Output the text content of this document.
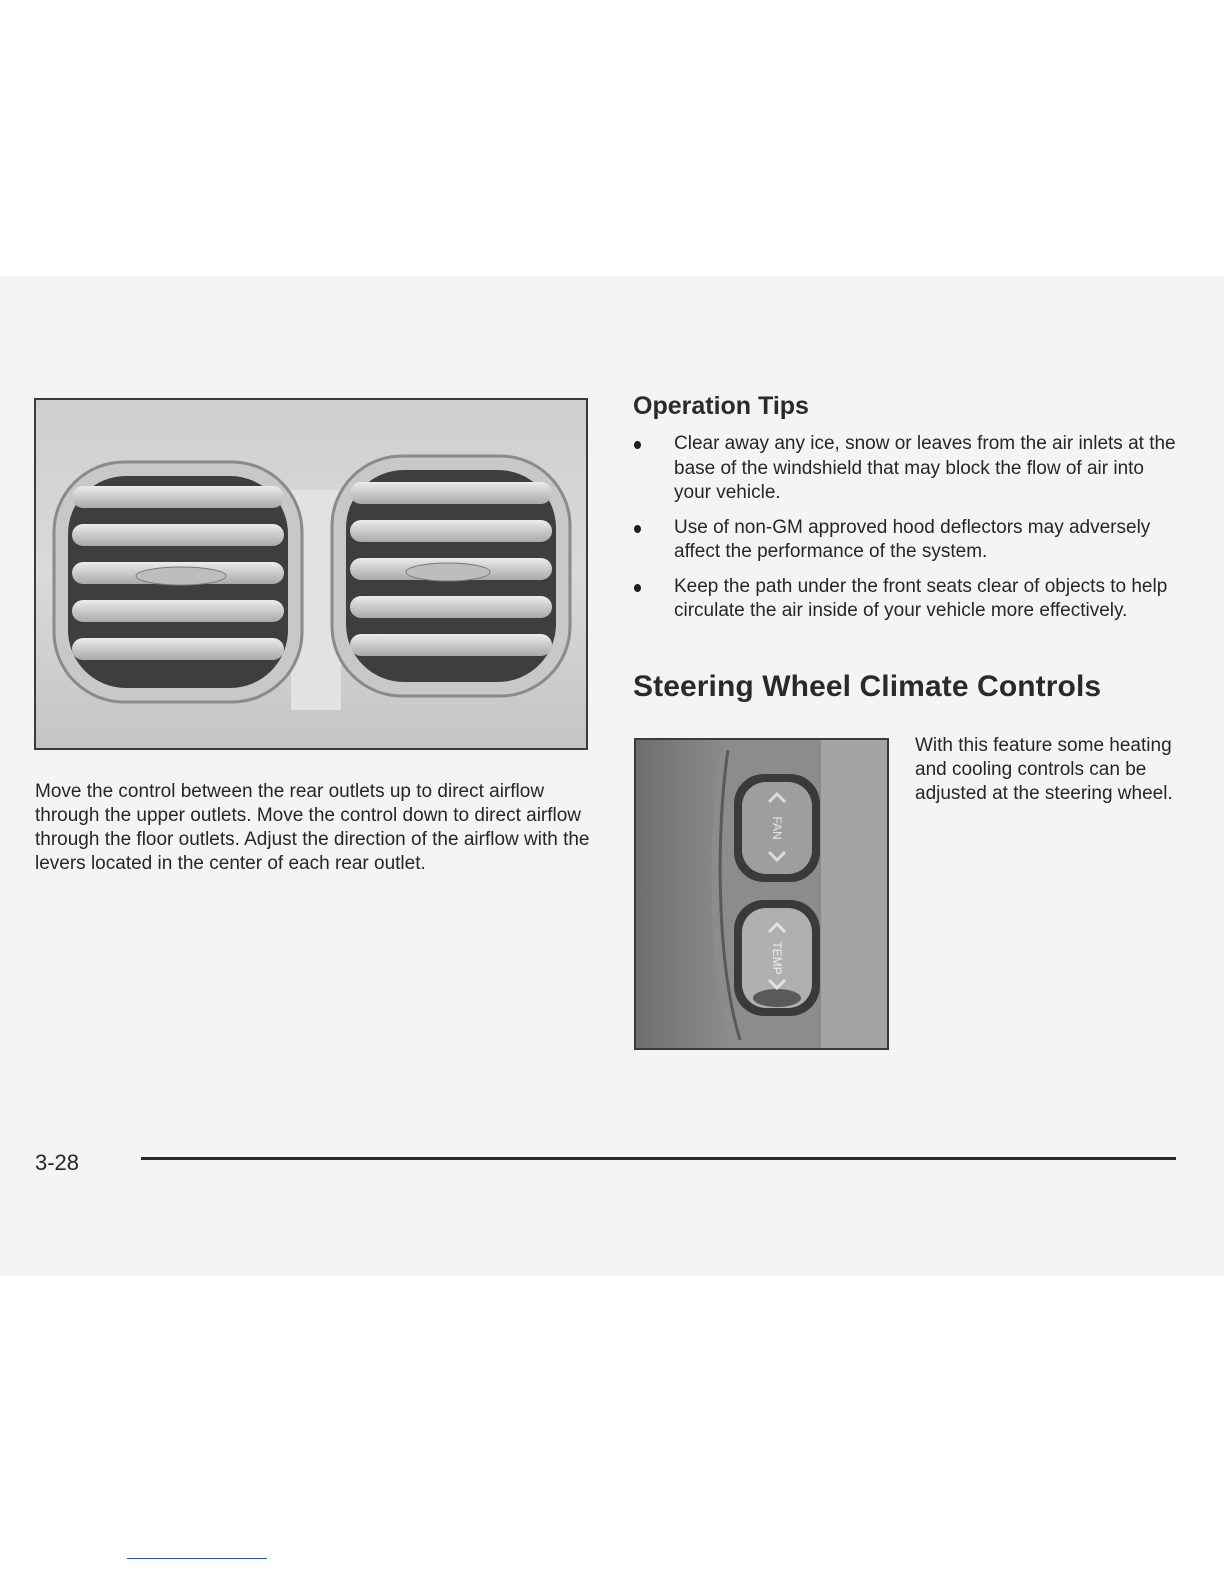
Move the control between the rear outlets up to direct airflow through the upper outlets. Move the control down to direct airflow through the floor outlets. Adjust the direction of the airflow with the levers located in the center of each rear outlet.

Operation Tips
Clear away any ice, snow or leaves from the air inlets at the base of the windshield that may block the flow of air into your vehicle.
Use of non-GM approved hood deflectors may adversely affect the performance of the system.
Keep the path under the front seats clear of objects to help circulate the air inside of your vehicle more effectively.
Steering Wheel Climate Controls
FAN
TEMP

With this feature some heating and cooling controls can be adjusted at the steering wheel.

3-28
